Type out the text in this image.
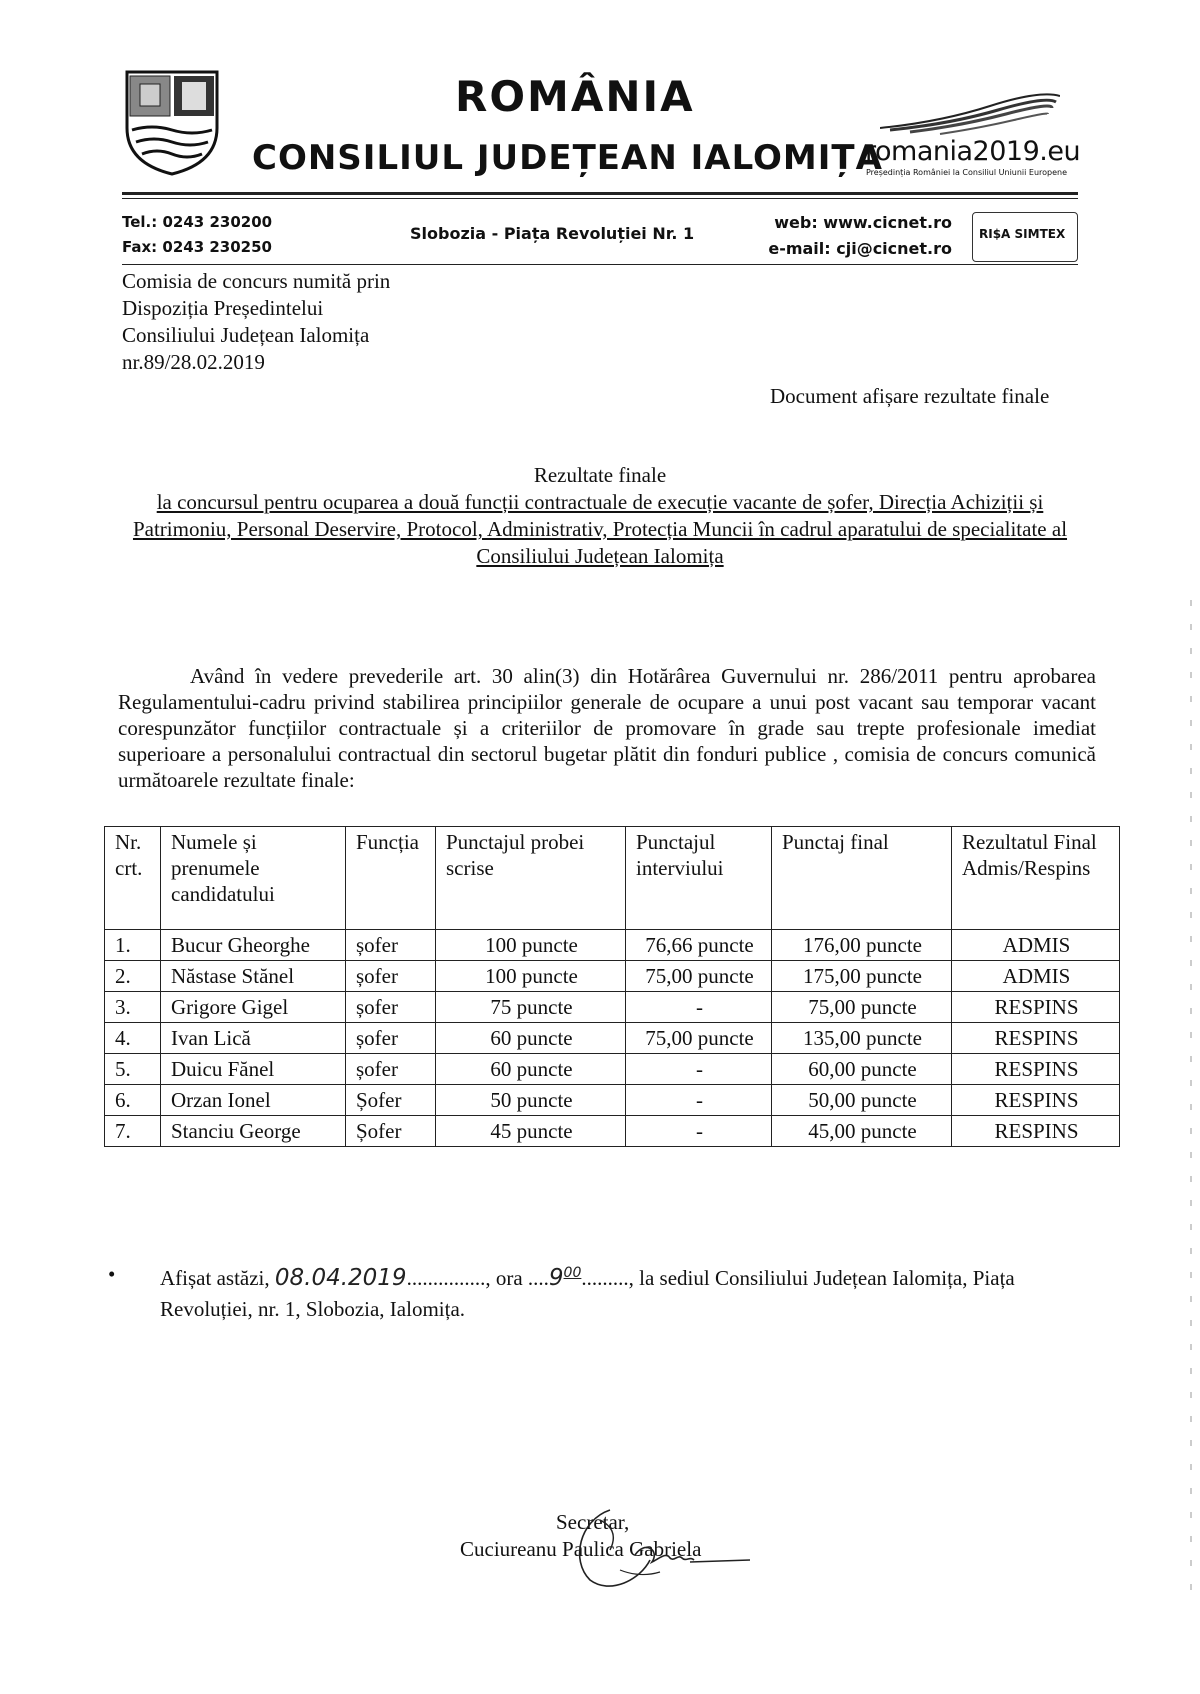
ROMÂNIA
CONSILIUL JUDEȚEAN IALOMIȚA
romania2019.eu
Președinția României la Consiliul Uniunii Europene
Tel.: 0243 230200
Fax: 0243 230250
Slobozia - Piața Revoluției Nr. 1
web: www.cicnet.ro
e-mail: cji@cicnet.ro
RI$A SIMTEX
Comisia de concurs numită prin
Dispoziția Președintelui
Consiliului Județean Ialomița
nr.89/28.02.2019
Document afișare rezultate finale
Rezultate finale
la concursul pentru ocuparea a două funcții contractuale de execuție vacante de șofer, Direcția Achiziții și Patrimoniu, Personal Deservire, Protocol, Administrativ, Protecția Muncii în cadrul aparatului de specialitate al Consiliului Județean Ialomița
Având în vedere prevederile art. 30 alin(3) din Hotărârea Guvernului nr. 286/2011 pentru aprobarea Regulamentului-cadru privind stabilirea principiilor generale de ocupare a unui post vacant sau temporar vacant corespunzător funcțiilor contractuale și a criteriilor de promovare în grade sau trepte profesionale imediat superioare a personalului contractual din sectorul bugetar plătit din fonduri publice , comisia de concurs comunică următoarele rezultate finale:
Nr. crt.	Numele și prenumele candidatului	Funcția	Punctajul probei scrise	Punctajul interviului	Punctaj final	Rezultatul Final Admis/Respins
1.	Bucur Gheorghe	șofer	100 puncte	76,66 puncte	176,00 puncte	ADMIS
2.	Năstase Stănel	șofer	100 puncte	75,00 puncte	175,00 puncte	ADMIS
3.	Grigore Gigel	șofer	75 puncte	-	75,00 puncte	RESPINS
4.	Ivan Lică	șofer	60 puncte	75,00 puncte	135,00 puncte	RESPINS
5.	Duicu Fănel	șofer	60 puncte	-	60,00 puncte	RESPINS
6.	Orzan Ionel	Șofer	50 puncte	-	50,00 puncte	RESPINS
7.	Stanciu George	Șofer	45 puncte	-	45,00 puncte	RESPINS
• Afișat astăzi, 08.04.2019..............., ora ....9$^{00}$........., la sediul Consiliului Județean Ialomița, Piața Revoluției, nr. 1, Slobozia, Ialomița.
Secretar,
Cuciureanu Paulica Gabriela
